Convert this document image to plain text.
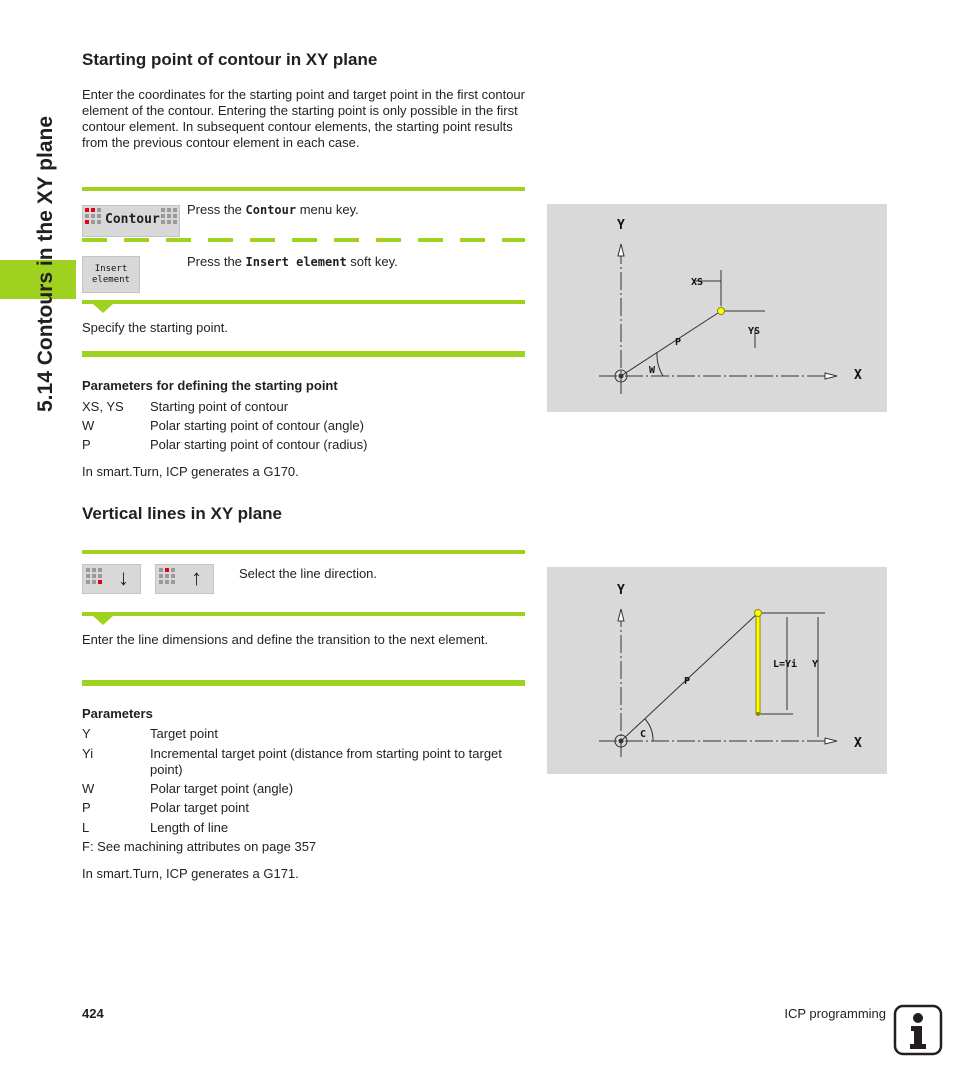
5.14 Contours in the XY plane
Starting point of contour in XY plane
Enter the coordinates for the starting point and target point in the first contour element of the contour. Entering the starting point is only possible in the first contour element. In subsequent contour elements, the starting point results from the previous contour element in each case.
Contour
Press the Contour menu key.
Insert
element
Press the Insert element soft key.
Specify the starting point.
Parameters for defining the starting point
XS, YS	Starting point of contour
W	Polar starting point of contour (angle)
P	Polar starting point of contour (radius)
In smart.Turn, ICP generates a G170.
Y
X
XS
YS
P
W
Vertical lines in XY plane
↓	↑	Select the line direction.
Enter the line dimensions and define the transition to the next element.
Parameters
Y	Target point
Yi	Incremental target point (distance from starting point to target point)
W	Polar target point (angle)
P	Polar target point
L	Length of line
F: See machining attributes on page 357
In smart.Turn, ICP generates a G171.
Y
X
L=Yi Y
P
C
424	ICP programming
